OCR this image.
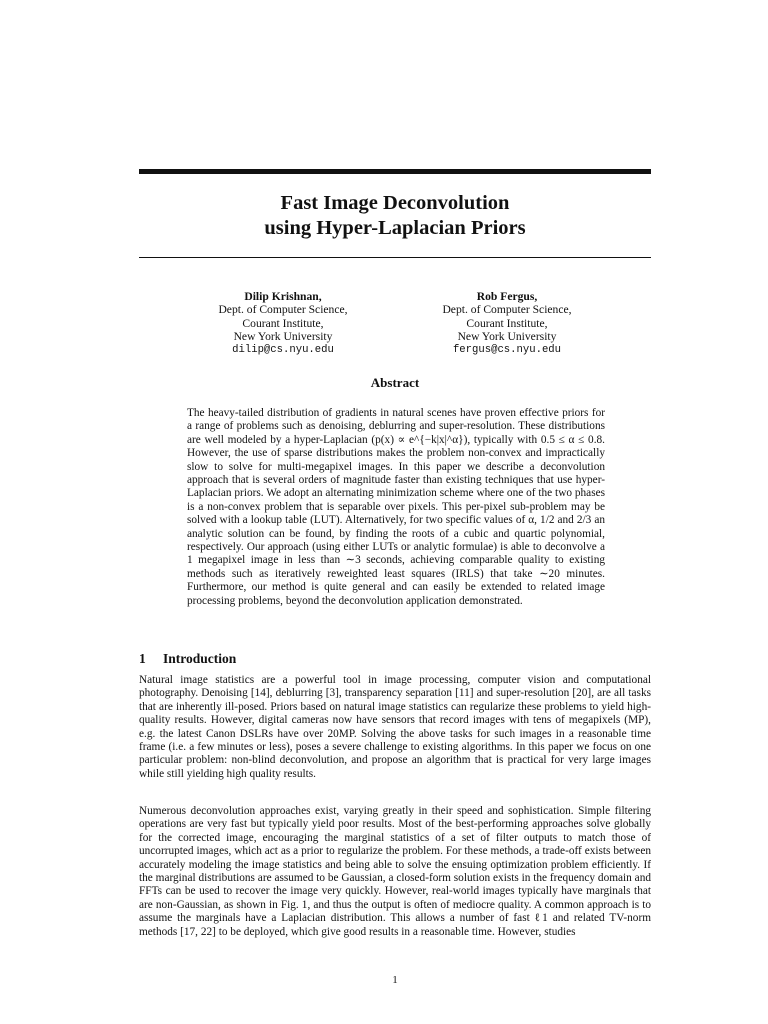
Fast Image Deconvolution
using Hyper-Laplacian Priors
Dilip Krishnan,
Dept. of Computer Science,
Courant Institute,
New York University
dilip@cs.nyu.edu
Rob Fergus,
Dept. of Computer Science,
Courant Institute,
New York University
fergus@cs.nyu.edu
Abstract
The heavy-tailed distribution of gradients in natural scenes have proven effective priors for a range of problems such as denoising, deblurring and super-resolution. These distributions are well modeled by a hyper-Laplacian (p(x) ∝ e^{−k|x|^α}), typically with 0.5 ≤ α ≤ 0.8. However, the use of sparse distributions makes the problem non-convex and impractically slow to solve for multi-megapixel images. In this paper we describe a deconvolution approach that is several orders of magnitude faster than existing techniques that use hyper-Laplacian priors. We adopt an alternating minimization scheme where one of the two phases is a non-convex problem that is separable over pixels. This per-pixel sub-problem may be solved with a lookup table (LUT). Alternatively, for two specific values of α, 1/2 and 2/3 an analytic solution can be found, by finding the roots of a cubic and quartic polynomial, respectively. Our approach (using either LUTs or analytic formulae) is able to deconvolve a 1 megapixel image in less than ∼3 seconds, achieving comparable quality to existing methods such as iteratively reweighted least squares (IRLS) that take ∼20 minutes. Furthermore, our method is quite general and can easily be extended to related image processing problems, beyond the deconvolution application demonstrated.
1 Introduction
Natural image statistics are a powerful tool in image processing, computer vision and computational photography. Denoising [14], deblurring [3], transparency separation [11] and super-resolution [20], are all tasks that are inherently ill-posed. Priors based on natural image statistics can regularize these problems to yield high-quality results. However, digital cameras now have sensors that record images with tens of megapixels (MP), e.g. the latest Canon DSLRs have over 20MP. Solving the above tasks for such images in a reasonable time frame (i.e. a few minutes or less), poses a severe challenge to existing algorithms. In this paper we focus on one particular problem: non-blind deconvolution, and propose an algorithm that is practical for very large images while still yielding high quality results.
Numerous deconvolution approaches exist, varying greatly in their speed and sophistication. Simple filtering operations are very fast but typically yield poor results. Most of the best-performing approaches solve globally for the corrected image, encouraging the marginal statistics of a set of filter outputs to match those of uncorrupted images, which act as a prior to regularize the problem. For these methods, a trade-off exists between accurately modeling the image statistics and being able to solve the ensuing optimization problem efficiently. If the marginal distributions are assumed to be Gaussian, a closed-form solution exists in the frequency domain and FFTs can be used to recover the image very quickly. However, real-world images typically have marginals that are non-Gaussian, as shown in Fig. 1, and thus the output is often of mediocre quality. A common approach is to assume the marginals have a Laplacian distribution. This allows a number of fast ℓ1 and related TV-norm methods [17, 22] to be deployed, which give good results in a reasonable time. However, studies
1
